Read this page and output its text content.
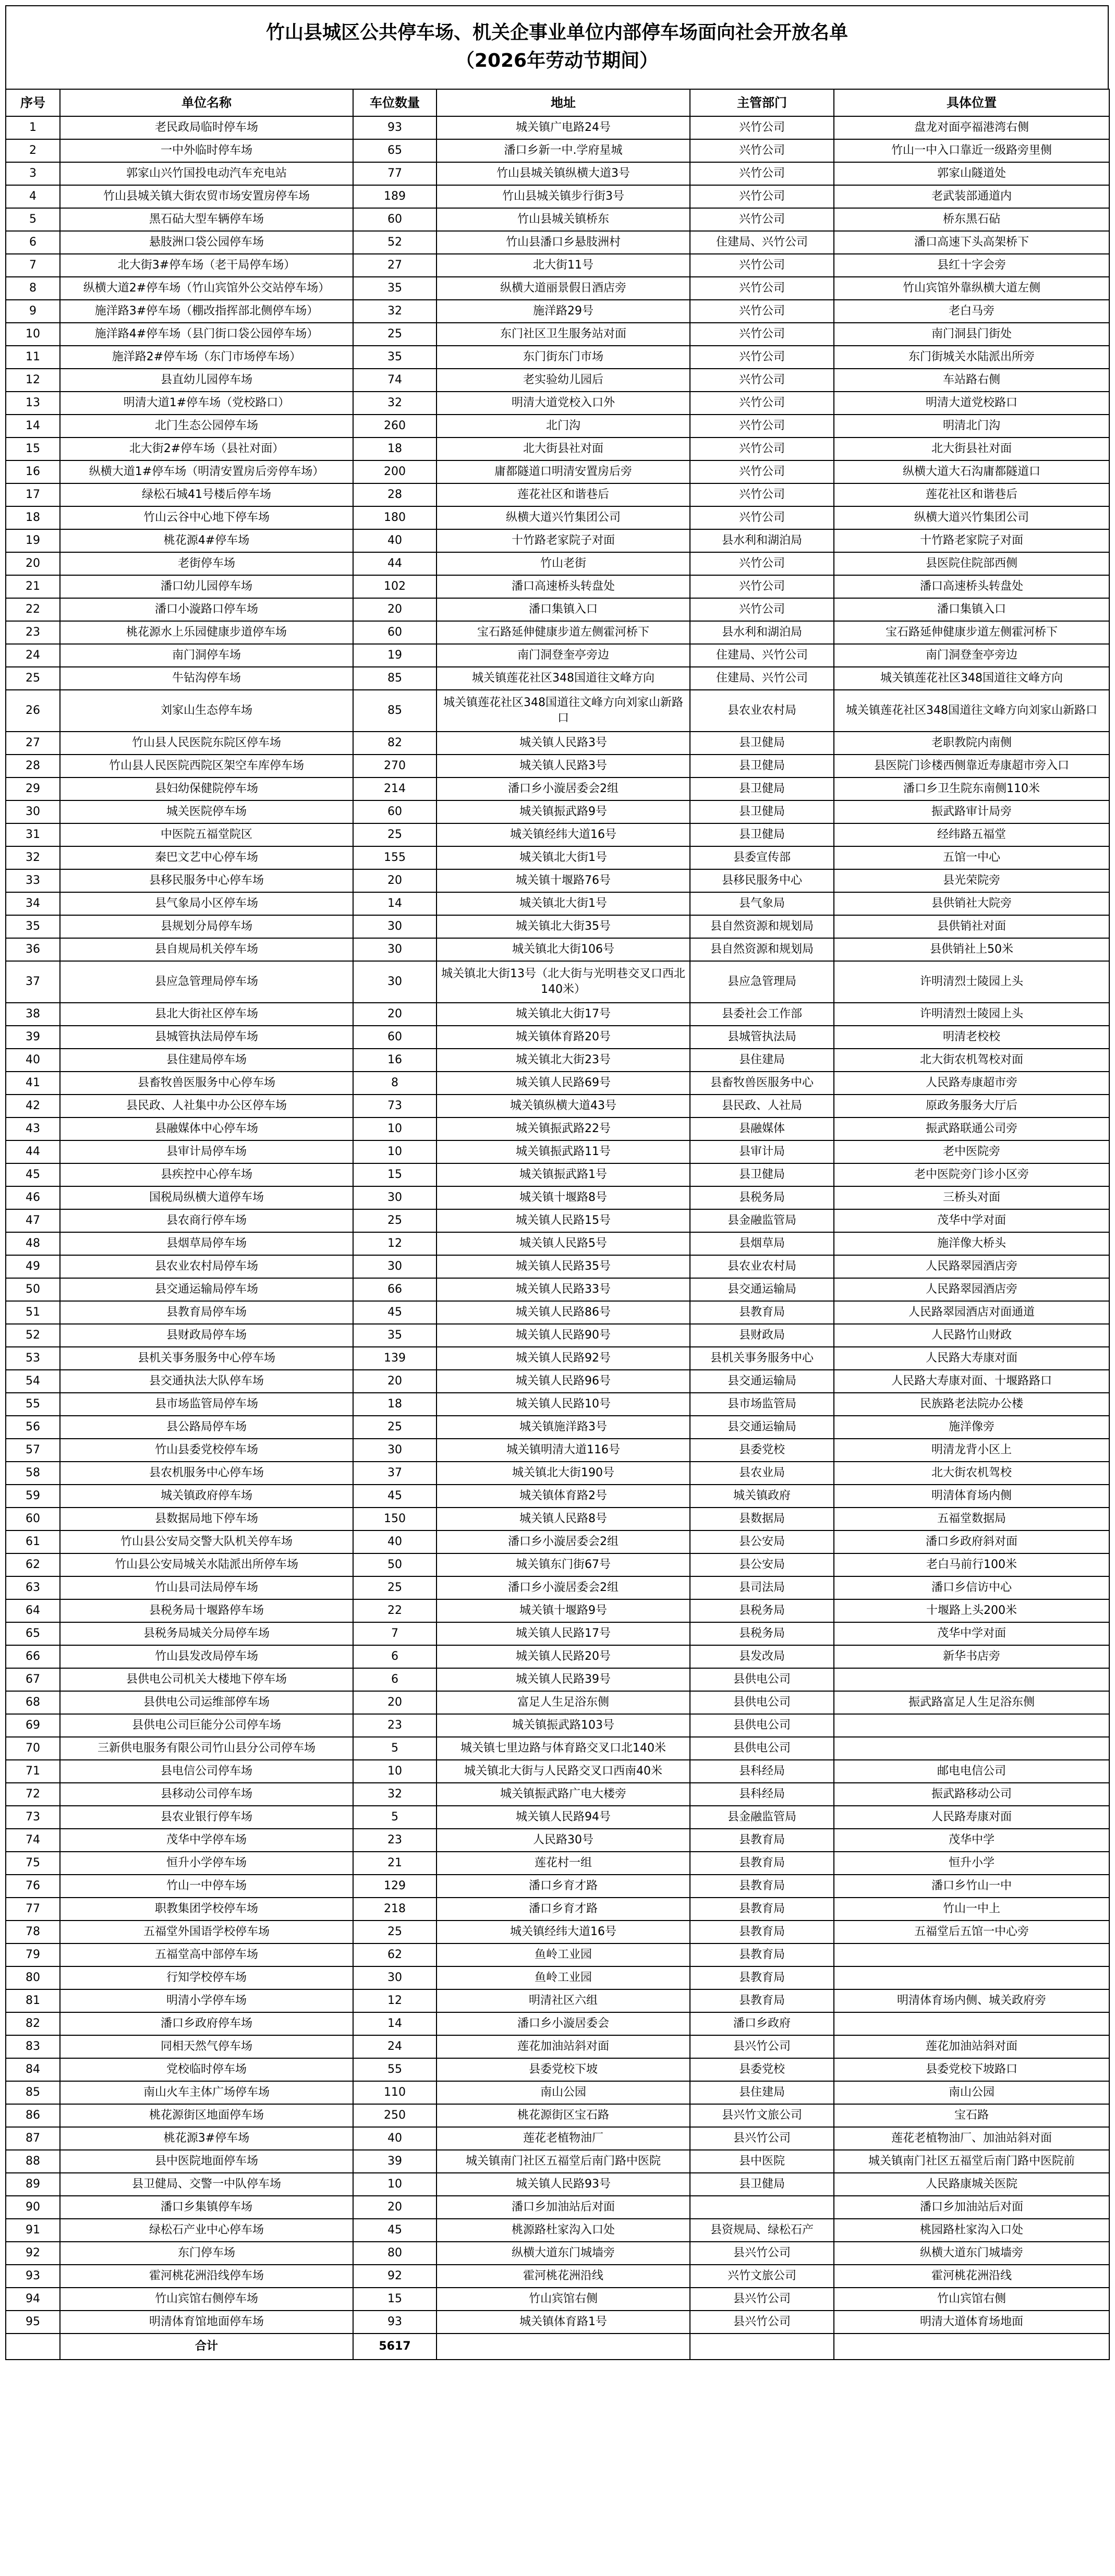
竹山县城区公共停车场、机关企事业单位内部停车场面向社会开放名单
（2026年劳动节期间）
序号	单位名称	车位数量	地址	主管部门	具体位置
1	老民政局临时停车场	93	城关镇广电路24号	兴竹公司	盘龙对面亭福港湾右侧
2	一中外临时停车场	65	潘口乡新一中.学府星城	兴竹公司	竹山一中入口靠近一级路旁里侧
3	郭家山兴竹国投电动汽车充电站	77	竹山县城关镇纵横大道3号	兴竹公司	郭家山隧道处
4	竹山县城关镇大街农贸市场安置房停车场	189	竹山县城关镇步行街3号	兴竹公司	老武装部通道内
5	黑石砧大型车辆停车场	60	竹山县城关镇桥东	兴竹公司	桥东黑石砧
6	悬肢洲口袋公园停车场	52	竹山县潘口乡悬肢洲村	住建局、兴竹公司	潘口高速下头高架桥下
7	北大街3#停车场（老干局停车场）	27	北大街11号	兴竹公司	县红十字会旁
8	纵横大道2#停车场（竹山宾馆外公交站停车场）	35	纵横大道丽景假日酒店旁	兴竹公司	竹山宾馆外靠纵横大道左侧
9	施洋路3#停车场（棚改指挥部北侧停车场）	32	施洋路29号	兴竹公司	老白马旁
10	施洋路4#停车场（县门街口袋公园停车场）	25	东门社区卫生服务站对面	兴竹公司	南门洞县门街处
11	施洋路2#停车场（东门市场停车场）	35	东门街东门市场	兴竹公司	东门街城关水陆派出所旁
12	县直幼儿园停车场	74	老实验幼儿园后	兴竹公司	车站路右侧
13	明清大道1#停车场（党校路口）	32	明清大道党校入口外	兴竹公司	明清大道党校路口
14	北门生态公园停车场	260	北门沟	兴竹公司	明清北门沟
15	北大街2#停车场（县社对面）	18	北大街县社对面	兴竹公司	北大街县社对面
16	纵横大道1#停车场（明清安置房后旁停车场）	200	庸都隧道口明清安置房后旁	兴竹公司	纵横大道大石沟庸都隧道口
17	绿松石城41号楼后停车场	28	莲花社区和谐巷后	兴竹公司	莲花社区和谐巷后
18	竹山云谷中心地下停车场	180	纵横大道兴竹集团公司	兴竹公司	纵横大道兴竹集团公司
19	桃花源4#停车场	40	十竹路老家院子对面	县水利和湖泊局	十竹路老家院子对面
20	老街停车场	44	竹山老街	兴竹公司	县医院住院部西侧
21	潘口幼儿园停车场	102	潘口高速桥头转盘处	兴竹公司	潘口高速桥头转盘处
22	潘口小漩路口停车场	20	潘口集镇入口	兴竹公司	潘口集镇入口
23	桃花源水上乐园健康步道停车场	60	宝石路延伸健康步道左侧霍河桥下	县水利和湖泊局	宝石路延伸健康步道左侧霍河桥下
24	南门洞停车场	19	南门洞登奎亭旁边	住建局、兴竹公司	南门洞登奎亭旁边
25	牛钻沟停车场	85	城关镇莲花社区348国道往文峰方向	住建局、兴竹公司	城关镇莲花社区348国道往文峰方向
26	刘家山生态停车场	85	城关镇莲花社区348国道往文峰方向刘家山新路口	县农业农村局	城关镇莲花社区348国道往文峰方向刘家山新路口
27	竹山县人民医院东院区停车场	82	城关镇人民路3号	县卫健局	老职教院内南侧
28	竹山县人民医院西院区架空车库停车场	270	城关镇人民路3号	县卫健局	县医院门诊楼西侧靠近寿康超市旁入口
29	县妇幼保健院停车场	214	潘口乡小漩居委会2组	县卫健局	潘口乡卫生院东南侧110米
30	城关医院停车场	60	城关镇振武路9号	县卫健局	振武路审计局旁
31	中医院五福堂院区	25	城关镇经纬大道16号	县卫健局	经纬路五福堂
32	秦巴文艺中心停车场	155	城关镇北大街1号	县委宣传部	五馆一中心
33	县移民服务中心停车场	20	城关镇十堰路76号	县移民服务中心	县光荣院旁
34	县气象局小区停车场	14	城关镇北大街1号	县气象局	县供销社大院旁
35	县规划分局停车场	30	城关镇北大街35号	县自然资源和规划局	县供销社对面
36	县自规局机关停车场	30	城关镇北大街106号	县自然资源和规划局	县供销社上50米
37	县应急管理局停车场	30	城关镇北大街13号（北大街与光明巷交叉口西北140米）	县应急管理局	许明清烈士陵园上头
38	县北大街社区停车场	20	城关镇北大街17号	县委社会工作部	许明清烈士陵园上头
39	县城管执法局停车场	60	城关镇体育路20号	县城管执法局	明清老校校
40	县住建局停车场	16	城关镇北大街23号	县住建局	北大街农机驾校对面
41	县畜牧兽医服务中心停车场	8	城关镇人民路69号	县畜牧兽医服务中心	人民路寿康超市旁
42	县民政、人社集中办公区停车场	73	城关镇纵横大道43号	县民政、人社局	原政务服务大厅后
43	县融媒体中心停车场	10	城关镇振武路22号	县融媒体	振武路联通公司旁
44	县审计局停车场	10	城关镇振武路11号	县审计局	老中医院旁
45	县疾控中心停车场	15	城关镇振武路1号	县卫健局	老中医院旁门诊小区旁
46	国税局纵横大道停车场	30	城关镇十堰路8号	县税务局	三桥头对面
47	县农商行停车场	25	城关镇人民路15号	县金融监管局	茂华中学对面
48	县烟草局停车场	12	城关镇人民路5号	县烟草局	施洋像大桥头
49	县农业农村局停车场	30	城关镇人民路35号	县农业农村局	人民路翠园酒店旁
50	县交通运输局停车场	66	城关镇人民路33号	县交通运输局	人民路翠园酒店旁
51	县教育局停车场	45	城关镇人民路86号	县教育局	人民路翠园酒店对面通道
52	县财政局停车场	35	城关镇人民路90号	县财政局	人民路竹山财政
53	县机关事务服务中心停车场	139	城关镇人民路92号	县机关事务服务中心	人民路大寿康对面
54	县交通执法大队停车场	20	城关镇人民路96号	县交通运输局	人民路大寿康对面、十堰路路口
55	县市场监管局停车场	18	城关镇人民路10号	县市场监管局	民族路老法院办公楼
56	县公路局停车场	25	城关镇施洋路3号	县交通运输局	施洋像旁
57	竹山县委党校停车场	30	城关镇明清大道116号	县委党校	明清龙背小区上
58	县农机服务中心停车场	37	城关镇北大街190号	县农业局	北大街农机驾校
59	城关镇政府停车场	45	城关镇体育路2号	城关镇政府	明清体育场内侧
60	县数据局地下停车场	150	城关镇人民路8号	县数据局	五福堂数据局
61	竹山县公安局交警大队机关停车场	40	潘口乡小漩居委会2组	县公安局	潘口乡政府斜对面
62	竹山县公安局城关水陆派出所停车场	50	城关镇东门街67号	县公安局	老白马前行100米
63	竹山县司法局停车场	25	潘口乡小漩居委会2组	县司法局	潘口乡信访中心
64	县税务局十堰路停车场	22	城关镇十堰路9号	县税务局	十堰路上头200米
65	县税务局城关分局停车场	7	城关镇人民路17号	县税务局	茂华中学对面
66	竹山县发改局停车场	6	城关镇人民路20号	县发改局	新华书店旁
67	县供电公司机关大楼地下停车场	6	城关镇人民路39号	县供电公司	
68	县供电公司运维部停车场	20	富足人生足浴东侧	县供电公司	振武路富足人生足浴东侧
69	县供电公司巨能分公司停车场	23	城关镇振武路103号	县供电公司	
70	三新供电服务有限公司竹山县分公司停车场	5	城关镇七里边路与体育路交叉口北140米	县供电公司	
71	县电信公司停车场	10	城关镇北大街与人民路交叉口西南40米	县科经局	邮电电信公司
72	县移动公司停车场	32	城关镇振武路广电大楼旁	县科经局	振武路移动公司
73	县农业银行停车场	5	城关镇人民路94号	县金融监管局	人民路寿康对面
74	茂华中学停车场	23	人民路30号	县教育局	茂华中学
75	恒升小学停车场	21	莲花村一组	县教育局	恒升小学
76	竹山一中停车场	129	潘口乡育才路	县教育局	潘口乡竹山一中
77	职教集团学校停车场	218	潘口乡育才路	县教育局	竹山一中上
78	五福堂外国语学校停车场	25	城关镇经纬大道16号	县教育局	五福堂后五馆一中心旁
79	五福堂高中部停车场	62	鱼岭工业园	县教育局	
80	行知学校停车场	30	鱼岭工业园	县教育局	
81	明清小学停车场	12	明清社区六组	县教育局	明清体育场内侧、城关政府旁
82	潘口乡政府停车场	14	潘口乡小漩居委会	潘口乡政府	
83	同相天然气停车场	24	莲花加油站斜对面	县兴竹公司	莲花加油站斜对面
84	党校临时停车场	55	县委党校下坡	县委党校	县委党校下坡路口
85	南山火车主体广场停车场	110	南山公园	县住建局	南山公园
86	桃花源街区地面停车场	250	桃花源街区宝石路	县兴竹文旅公司	宝石路
87	桃花源3#停车场	40	莲花老植物油厂	县兴竹公司	莲花老植物油厂、加油站斜对面
88	县中医院地面停车场	39	城关镇南门社区五福堂后南门路中医院	县中医院	城关镇南门社区五福堂后南门路中医院前
89	县卫健局、交警一中队停车场	10	城关镇人民路93号	县卫健局	人民路康城关医院
90	潘口乡集镇停车场	20	潘口乡加油站后对面		潘口乡加油站后对面
91	绿松石产业中心停车场	45	桃源路杜家沟入口处	县资规局、绿松石产	桃园路杜家沟入口处
92	东门停车场	80	纵横大道东门城墙旁	县兴竹公司	纵横大道东门城墙旁
93	霍河桃花洲沿线停车场	92	霍河桃花洲沿线	兴竹文旅公司	霍河桃花洲沿线
94	竹山宾馆右侧停车场	15	竹山宾馆右侧	县兴竹公司	竹山宾馆右侧
95	明清体育馆地面停车场	93	城关镇体育路1号	县兴竹公司	明清大道体育场地面
	合计	5617			
